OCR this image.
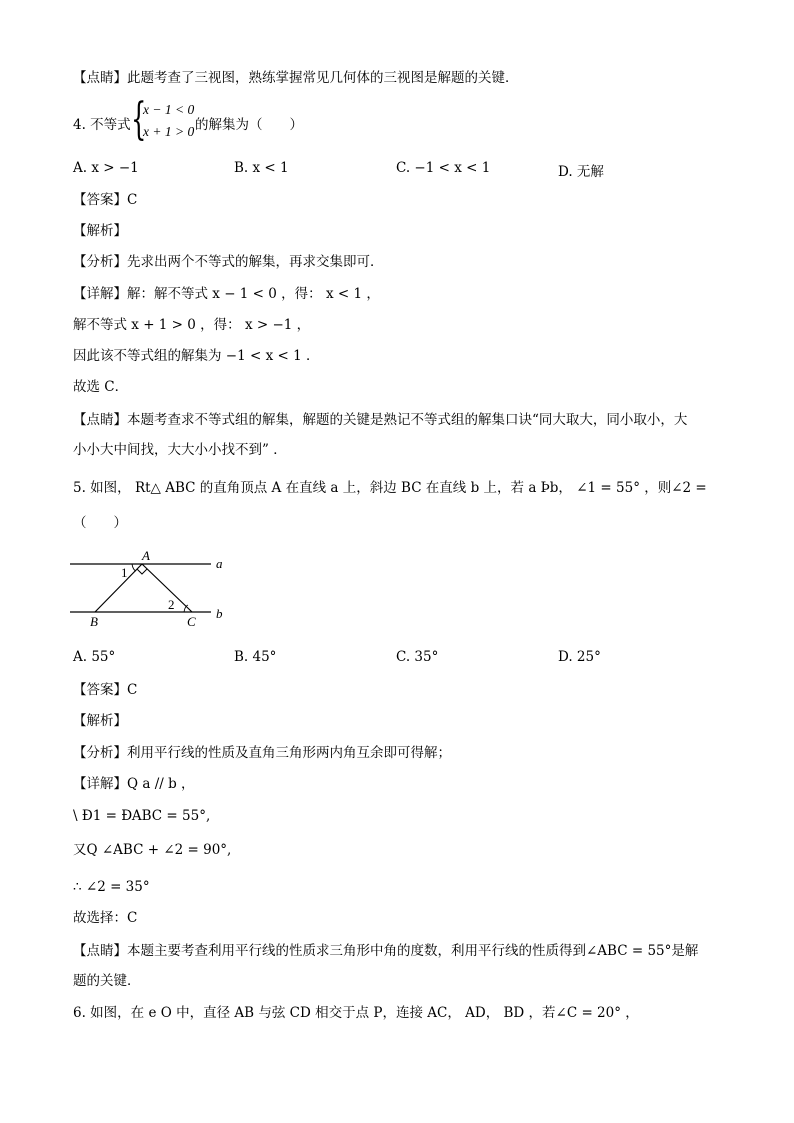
【点睛】此题考查了三视图，熟练掌握常见几何体的三视图是解题的关键．
4. 不等式 {
x − 1 < 0
x + 1 > 0 的解集为（　　）
A. x > −1	B. x < 1	C. −1 < x < 1	D. 无解
【答案】C
【解析】
【分析】先求出两个不等式的解集，再求交集即可．
【详解】解：解不等式 x − 1 < 0 ，得： x < 1 ，
解不等式 x + 1 > 0 ，得： x > −1 ，
因此该不等式组的解集为 −1 < x < 1 ．
故选 C．
【点睛】本题考查求不等式组的解集，解题的关键是熟记不等式组的解集口诀“同大取大，同小取小，大
小小大中间找，大大小小找不到” ．
5. 如图， Rt△ ABC 的直角顶点 A 在直线 a 上，斜边 BC 在直线 b 上，若 a Þb， ∠1 = 55° ，则∠2 =
（　　）
A
B	C
a
b
1
2
A. 55°	B. 45°	C. 35°	D. 25°
【答案】C
【解析】
【分析】利用平行线的性质及直角三角形两内角互余即可得解；
【详解】Q a // b ，
\ Ð1 = ÐABC = 55°,
又Q ∠ABC + ∠2 = 90°,
∴ ∠2 = 35°
故选择：C
【点睛】本题主要考查利用平行线的性质求三角形中角的度数，利用平行线的性质得到∠ABC = 55°是解
题的关键．
6. 如图，在 e O 中，直径 AB 与弦 CD 相交于点 P，连接 AC， AD， BD ，若∠C = 20° ，
